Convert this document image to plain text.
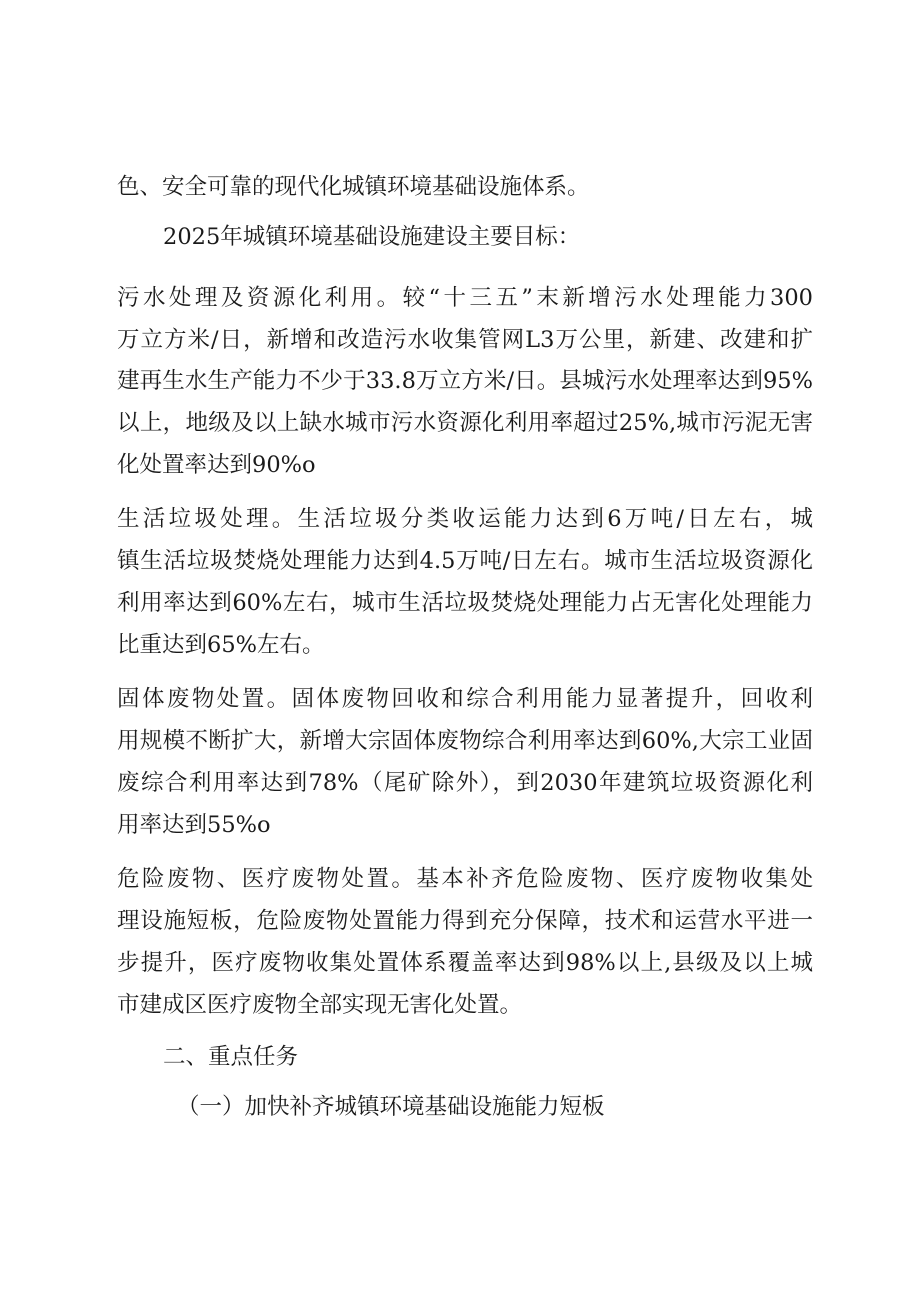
色、安全可靠的现代化城镇环境基础设施体系。

2025年城镇环境基础设施建设主要目标：

污水处理及资源化利用。较“十三五”末新增污水处理能力300

万立方米/日，新增和改造污水收集管网L3万公里，新建、改建和扩

建再生水生产能力不少于33.8万立方米/日。县城污水处理率达到95%

以上，地级及以上缺水城市污水资源化利用率超过25%,城市污泥无害

化处置率达到90%o

生活垃圾处理。生活垃圾分类收运能力达到6万吨/日左右，城

镇生活垃圾焚烧处理能力达到4.5万吨/日左右。城市生活垃圾资源化

利用率达到60%左右，城市生活垃圾焚烧处理能力占无害化处理能力

比重达到65%左右。

固体废物处置。固体废物回收和综合利用能力显著提升，回收利

用规模不断扩大，新增大宗固体废物综合利用率达到60%,大宗工业固

废综合利用率达到78%（尾矿除外），到2030年建筑垃圾资源化利

用率达到55%o

危险废物、医疗废物处置。基本补齐危险废物、医疗废物收集处

理设施短板，危险废物处置能力得到充分保障，技术和运营水平进一

步提升，医疗废物收集处置体系覆盖率达到98%以上,县级及以上城

市建成区医疗废物全部实现无害化处置。

二、重点任务

（一）加快补齐城镇环境基础设施能力短板
